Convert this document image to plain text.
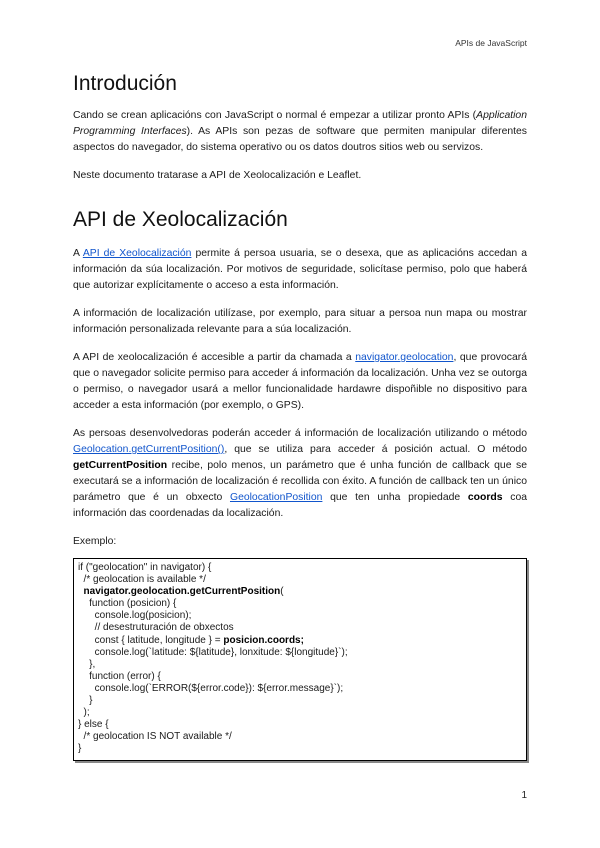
APIs de JavaScript
Introdución

Cando se crean aplicacións con JavaScript o normal é empezar a utilizar pronto APIs (Application Programming Interfaces). As APIs son pezas de software que permiten manipular diferentes aspectos do navegador, do sistema operativo ou os datos doutros sitios web ou servizos.

Neste documento tratarase a API de Xeolocalización e Leaflet.

API de Xeolocalización

A API de Xeolocalización permite á persoa usuaria, se o desexa, que as aplicacións accedan a información da súa localización. Por motivos de seguridade, solicítase permiso, polo que haberá que autorizar explícitamente o acceso a esta información.

A información de localización utilízase, por exemplo, para situar a persoa nun mapa ou mostrar información personalizada relevante para a súa localización.

A API de xeolocalización é accesible a partir da chamada a navigator.geolocation, que provocará que o navegador solicite permiso para acceder á información da localización. Unha vez se outorga o permiso, o navegador usará a mellor funcionalidade hardawre dispoñible no dispositivo para acceder a esta información (por exemplo, o GPS).

As persoas desenvolvedoras poderán acceder á información de localización utilizando o método Geolocation.getCurrentPosition(), que se utiliza para acceder á posición actual. O método getCurrentPosition recibe, polo menos, un parámetro que é unha función de callback que se executará se a información de localización é recollida con éxito. A función de callback ten un único parámetro que é un obxecto GeolocationPosition que ten unha propiedade coords coa información das coordenadas da localización.

Exemplo:

if ("geolocation" in navigator) {
/* geolocation is available */
navigator.geolocation.getCurrentPosition(
function (posicion) {
console.log(posicion);
// desestruturación de obxectos
const { latitude, longitude } = posicion.coords;
console.log(`latitude: ${latitude}, lonxitude: ${longitude}`);
},
function (error) {
console.log(`ERROR(${error.code}): ${error.message}`);
}
);
} else {
/* geolocation IS NOT available */
}
1
